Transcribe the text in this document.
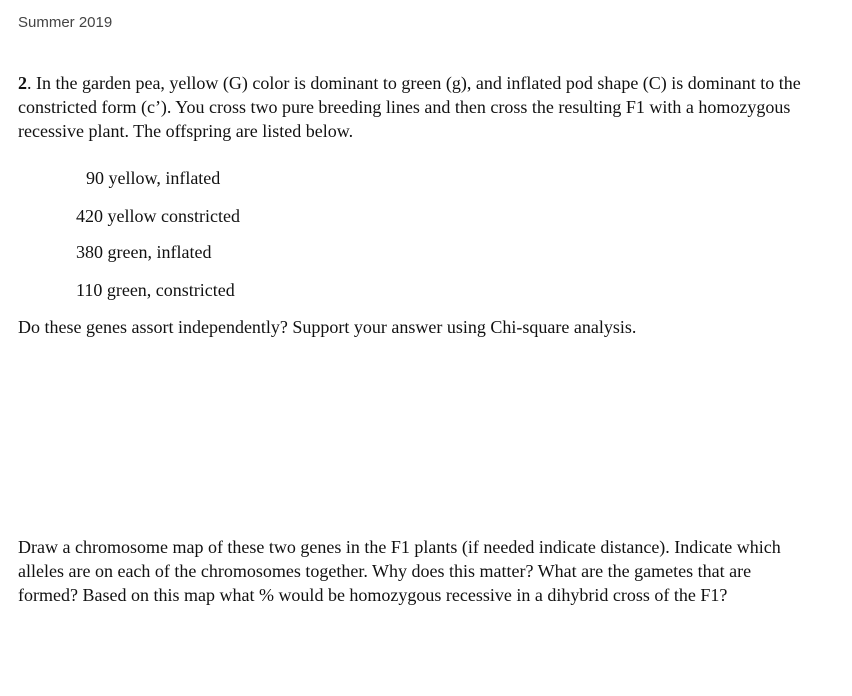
Summer 2019

2. In the garden pea, yellow (G) color is dominant to green (g), and inflated pod shape (C) is dominant to the constricted form (c’). You cross two pure breeding lines and then cross the resulting F1 with a homozygous recessive plant. The offspring are listed below.

90 yellow, inflated
420 yellow constricted
380 green, inflated
110 green, constricted
Do these genes assort independently? Support your answer using Chi-square analysis.

Draw a chromosome map of these two genes in the F1 plants (if needed indicate distance). Indicate which alleles are on each of the chromosomes together. Why does this matter? What are the gametes that are formed? Based on this map what % would be homozygous recessive in a dihybrid cross of the F1?
